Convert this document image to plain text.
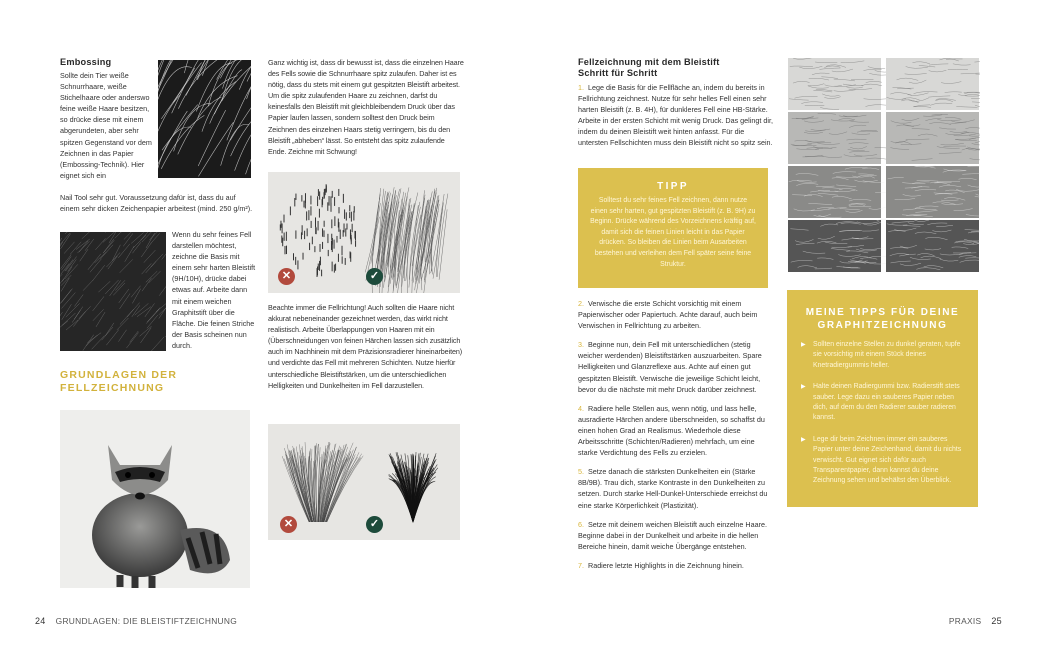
Embossing
Sollte dein Tier weiße Schnurrhaare, weiße Stichelhaare oder anderswo feine weiße Haare besitzen, so drücke diese mit einem abgerundeten, aber sehr spitzen Gegenstand vor dem Zeichnen in das Papier (Embossing-Technik). Hier eignet sich ein
Nail Tool sehr gut. Voraussetzung dafür ist, dass du auf einem sehr dicken Zeichenpapier arbeitest (mind. 250 g/m²).
Wenn du sehr feines Fell darstellen möchtest, zeichne die Basis mit einem sehr harten Bleistift (9H/10H), drücke dabei etwas auf. Arbeite dann mit einem weichen Graphitstift über die Fläche. Die feinen Striche der Basis scheinen nun durch.
GRUNDLAGEN DER
FELLZEICHNUNG
Ganz wichtig ist, dass dir bewusst ist, dass die einzelnen Haare des Fells sowie die Schnurrhaare spitz zulaufen. Daher ist es nötig, dass du stets mit einem gut gespitzten Bleistift arbeitest. Um die spitz zulaufenden Haare zu zeichnen, darfst du keinesfalls den Bleistift mit gleichbleibendem Druck über das Papier laufen lassen, sondern solltest den Druck beim Zeichnen des einzelnen Haars stetig verringern, bis du den Bleistift „abheben“ lässt. So entsteht das spitz zulaufende Ende. Zeichne mit Schwung!
✕	✓
Beachte immer die Fellrichtung! Auch sollten die Haare nicht akkurat nebeneinander gezeichnet werden, das wirkt nicht realistisch. Arbeite Überlappungen von Haaren mit ein (Überschneidungen von feinen Härchen lassen sich zusätzlich auch im Nachhinein mit dem Präzisionsradierer hineinarbeiten) und verdichte das Fell mit mehreren Schichten. Nutze hierfür unterschiedliche Bleistiftstärken, um die unterschiedlichen Helligkeiten und Dunkelheiten im Fell darzustellen.
✕	✓
24 GRUNDLAGEN: DIE BLEISTIFTZEICHNUNG
Fellzeichnung mit dem Bleistift
Schritt für Schritt
1. Lege die Basis für die Fellfläche an, indem du bereits in Fellrichtung zeichnest. Nutze für sehr helles Fell einen sehr harten Bleistift (z. B. 4H), für dunkleres Fell eine HB-Stärke. Arbeite in der ersten Schicht mit wenig Druck. Das gelingt dir, indem du deinen Bleistift weit hinten anfasst. Für die untersten Fellschichten muss dein Bleistift nicht so spitz sein.
TIPP
Solltest du sehr feines Fell zeichnen, dann nutze einen sehr harten, gut gespitzten Bleistift (z. B. 9H) zu Beginn. Drücke während des Vorzeichnens kräftig auf, damit sich die feinen Linien leicht in das Papier drücken. So bleiben die Linien beim Ausarbeiten bestehen und verleihen dem Fell später seine feine Struktur.
2. Verwische die erste Schicht vorsichtig mit einem Papierwischer oder Papiertuch. Achte darauf, auch beim Verwischen in Fellrichtung zu arbeiten.
3. Beginne nun, dein Fell mit unterschiedlichen (stetig weicher werdenden) Bleistiftstärken auszuarbeiten. Spare Helligkeiten und Glanzreflexe aus. Achte auf einen gut gespitzten Bleistift. Verwische die jeweilige Schicht leicht, bevor du die nächste mit mehr Druck darüber zeichnest.
4. Radiere helle Stellen aus, wenn nötig, und lass helle, ausradierte Härchen andere überschneiden, so schaffst du einen hohen Grad an Realismus. Wiederhole diese Arbeitsschritte (Schichten/Radieren) mehrfach, um eine starke Verdichtung des Fells zu erzielen.
5. Setze danach die stärksten Dunkelheiten ein (Stärke 8B/9B). Trau dich, starke Kontraste in den Dunkelheiten zu setzen. Durch starke Hell-Dunkel-Unterschiede erreichst du eine starke Körperlichkeit (Plastizität).
6. Setze mit deinem weichen Bleistift auch einzelne Haare. Beginne dabei in der Dunkelheit und arbeite in die hellen Bereiche hinein, damit weiche Übergänge entstehen.
7. Radiere letzte Highlights in die Zeichnung hinein.
MEINE TIPPS FÜR DEINE
GRAPHITZEICHNUNG
▶ Sollten einzelne Stellen zu dunkel geraten, tupfe sie vorsichtig mit einem Stück deines Knetradiergummis heller.
▶ Halte deinen Radiergummi bzw. Radierstift stets sauber. Lege dazu ein sauberes Papier neben dich, auf dem du den Radierer sauber radieren kannst.
▶ Lege dir beim Zeichnen immer ein sauberes Papier unter deine Zeichenhand, damit du nichts verwischt. Gut eignet sich dafür auch Transparentpapier, dann kannst du deine Zeichnung sehen und behältst den Überblick.
PRAXIS 25
